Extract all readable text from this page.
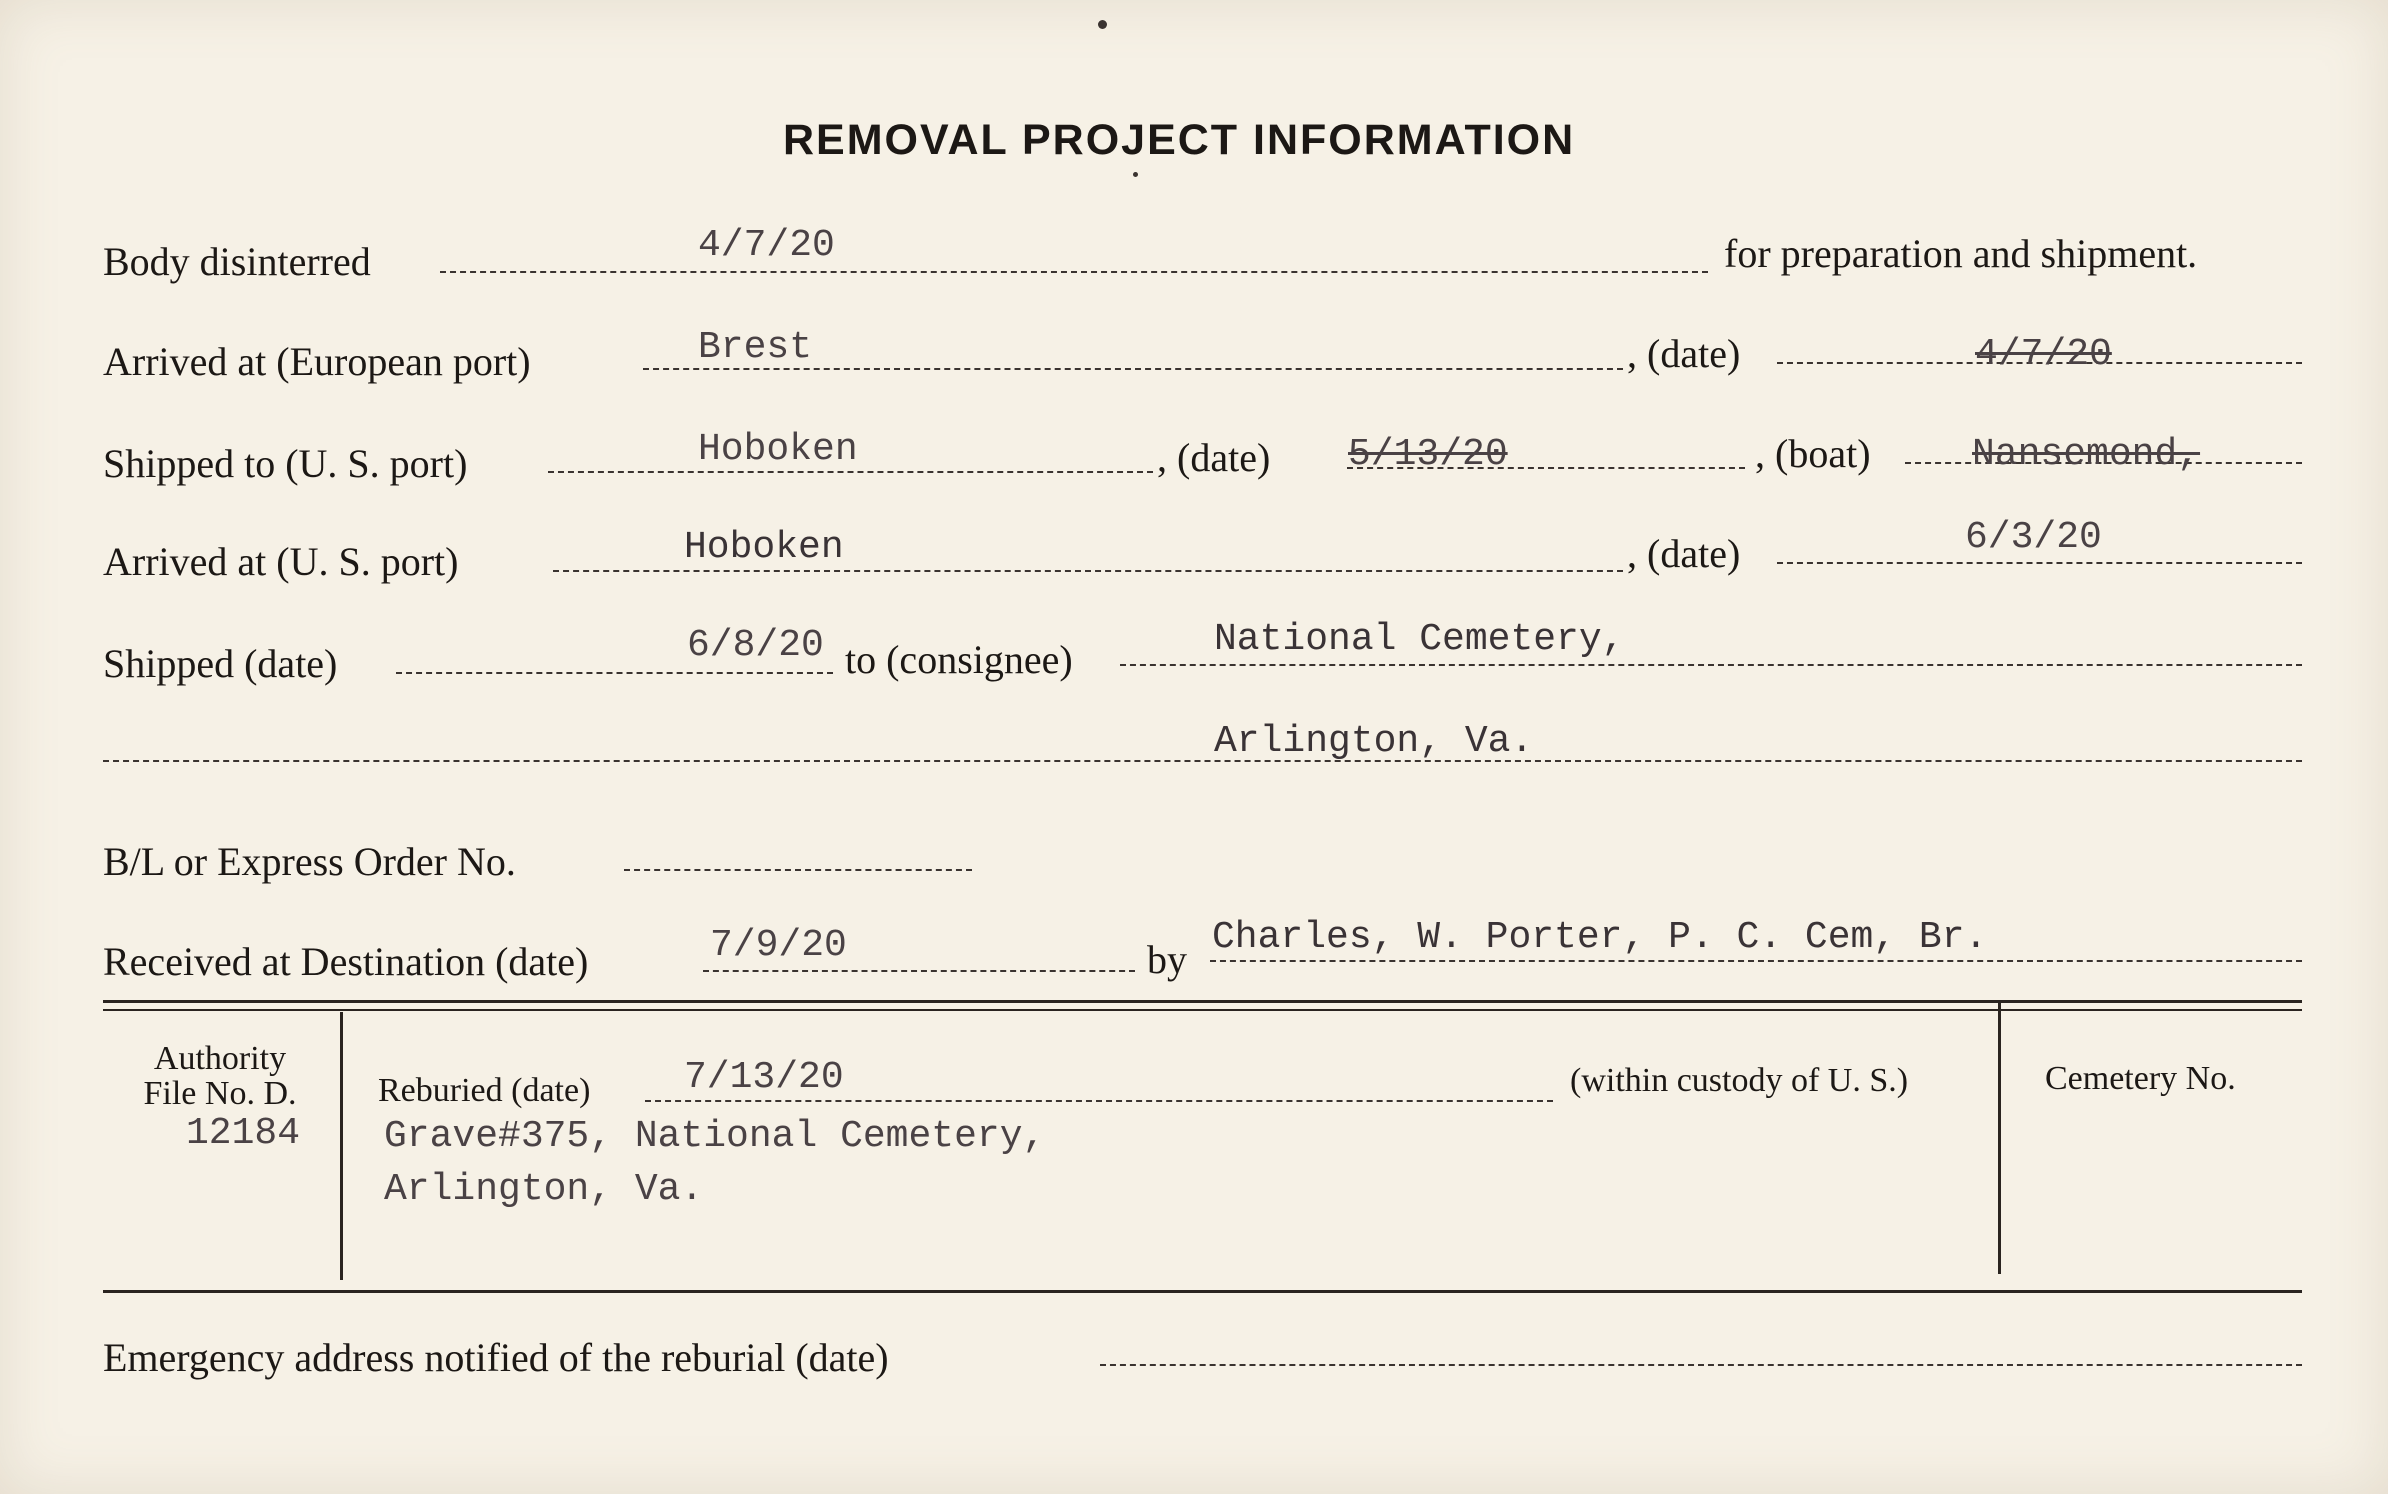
REMOVAL PROJECT INFORMATION
Body disinterred	4/7/20	for preparation and shipment.
Arrived at (European port)	Brest	, (date)	4/7/20
Shipped to (U. S. port)	Hoboken	, (date) 5/13/20	, (boat)	Nansemond,
Arrived at (U. S. port)	Hoboken	, (date)	6/3/20
Shipped (date)	6/8/20 to (consignee)	National Cemetery,
Arlington, Va.
B/L or Express Order No.
Received at Destination (date)	7/9/20	by Charles, W. Porter, P. C. Cem, Br.
Authority
File No. D.
12184
Reburied (date) 7/13/20	(within custody of U. S.)	Cemetery No.
Grave#375, National Cemetery,
Arlington, Va.
Emergency address notified of the reburial (date)
